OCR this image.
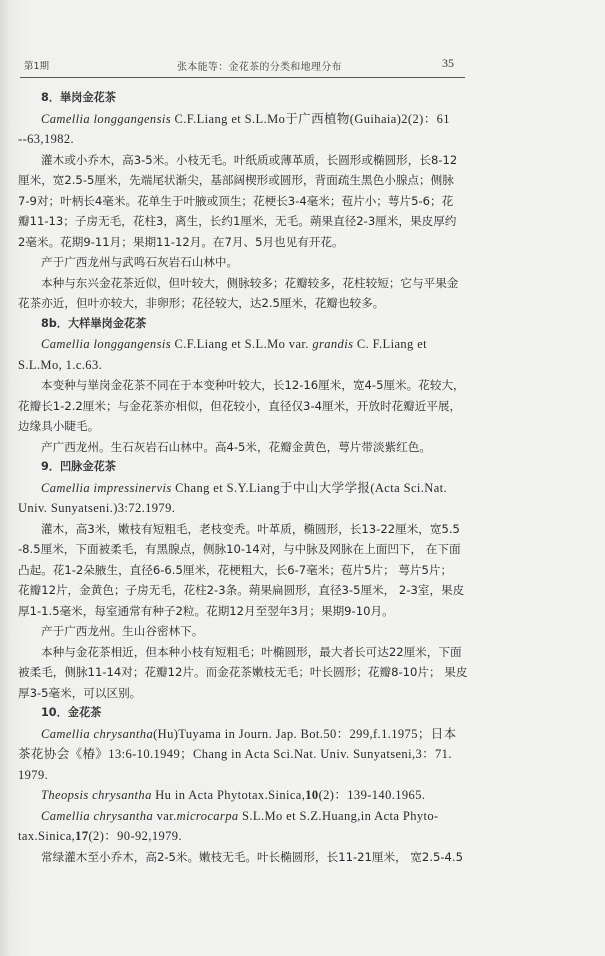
第1期	张本能等：金花茶的分类和地理分布	35
8．崋岗金花茶
Camellia longgangensis C.F.Liang et S.L.Mo于广西植物(Guihaia)2(2)：61
--63,1982.
灌木或小乔木，高3-5米。小枝无毛。叶纸质或薄革质，长圆形或椭圆形，长8-12
厘米，宽2.5-5厘米，先端尾状渐尖，基部阔楔形或圆形，背面疏生黑色小腺点；侧脉
7-9对；叶柄长4毫米。花单生于叶腋或顶生；花梗长3-4毫米；苞片小；萼片5-6；花
瓣11-13；子房无毛，花柱3，离生，长约1厘米，无毛。蒴果直径2-3厘米，果皮厚约
2毫米。花期9-11月；果期11-12月。在7月、5月也见有开花。
产于广西龙州与武鸣石灰岩石山林中。
本种与东兴金花茶近似，但叶较大，侧脉较多；花瓣较多，花柱较短；它与平果金
花茶亦近，但叶亦较大，非卵形；花径较大，达2.5厘米，花瓣也较多。
8b．大样崋岗金花茶
Camellia longgangensis C.F.Liang et S.L.Mo var. grandis C. F.Liang et
S.L.Mo, 1.c.63.
本变种与崋岗金花茶不同在于本变种叶较大，长12-16厘米，宽4-5厘米。花较大，
花瓣长1-2.2厘米；与金花茶亦相似，但花较小，直径仅3-4厘米，开放时花瓣近平展，
边缘具小睫毛。
产广西龙州。生石灰岩石山林中。高4-5米，花瓣金黄色，萼片带淡紫红色。
9．凹脉金花茶
Camellia impressinervis Chang et S.Y.Liang于中山大学学报(Acta Sci.Nat.
Univ. Sunyatseni.)3:72.1979.
灌木，高3米，嫩枝有短粗毛，老枝变秃。叶革质，椭圆形，长13-22厘米，宽5.5
-8.5厘米，下面被柔毛，有黑腺点，侧脉10-14对，与中脉及网脉在上面凹下， 在下面
凸起。花1-2朵腋生，直径6-6.5厘米，花梗粗大，长6-7毫米；苞片5片； 萼片5片；
花瓣12片，金黄色；子房无毛，花柱2-3条。蒴果扁圆形，直径3-5厘米， 2-3室，果皮
厚1-1.5毫米，每室通常有种子2粒。花期12月至翌年3月；果期9-10月。
产于广西龙州。生山谷密林下。
本种与金花茶相近，但本种小枝有短粗毛；叶椭圆形，最大者长可达22厘米，下面
被柔毛，侧脉11-14对；花瓣12片。而金花茶嫩枝无毛；叶长圆形；花瓣8-10片； 果皮
厚3-5毫米，可以区别。
10．金花茶
Camellia chrysantha(Hu)Tuyama in Journ. Jap. Bot.50：299,f.1.1975；日本
茶花协会《椿》13:6-10.1949；Chang in Acta Sci.Nat. Univ. Sunyatseni,3：71.
1979.
Theopsis chrysantha Hu in Acta Phytotax.Sinica,10(2)：139-140.1965.
Camellia chrysantha var.microcarpa S.L.Mo et S.Z.Huang,in Acta Phyto-
tax.Sinica,17(2)：90-92,1979.
常绿灌木至小乔木，高2-5米。嫩枝无毛。叶长椭圆形，长11-21厘米， 宽2.5-4.5
